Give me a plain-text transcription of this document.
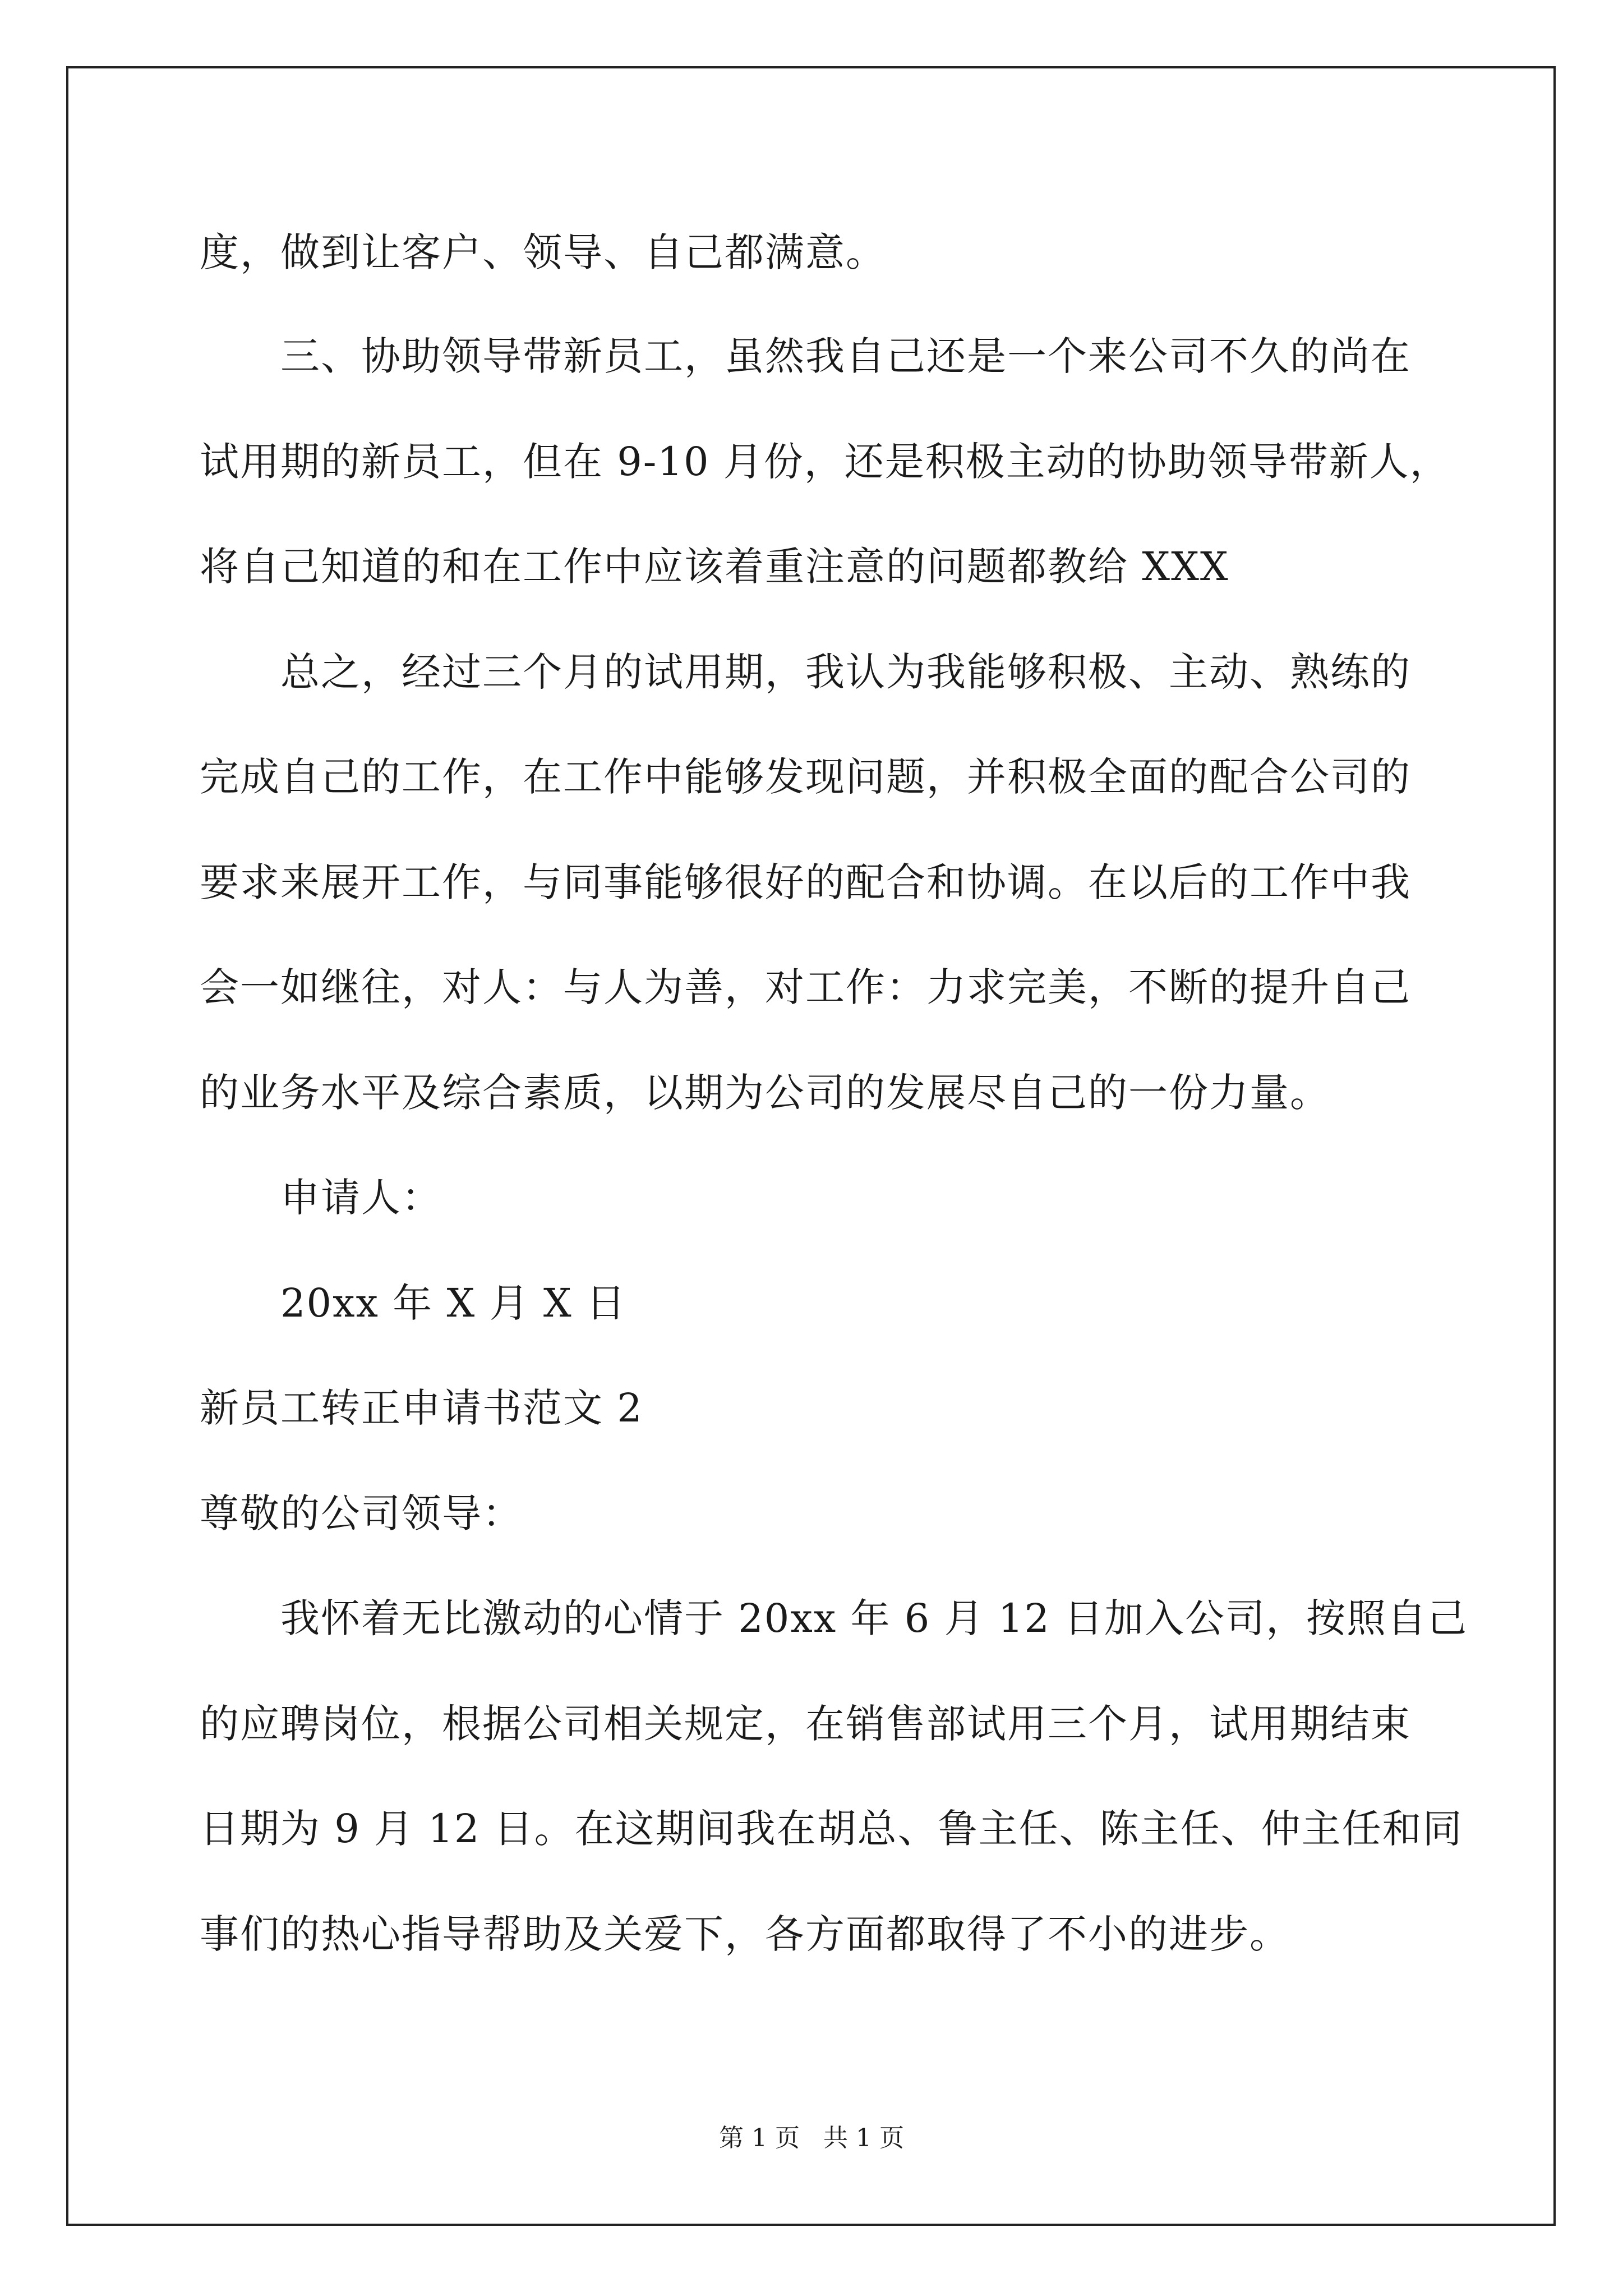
度，做到让客户、领导、自己都满意。
三、协助领导带新员工，虽然我自己还是一个来公司不久的尚在
试用期的新员工，但在 9-10 月份，还是积极主动的协助领导带新人，
将自己知道的和在工作中应该着重注意的问题都教给 XXX
总之，经过三个月的试用期，我认为我能够积极、主动、熟练的
完成自己的工作，在工作中能够发现问题，并积极全面的配合公司的
要求来展开工作，与同事能够很好的配合和协调。在以后的工作中我
会一如继往，对人：与人为善，对工作：力求完美，不断的提升自己
的业务水平及综合素质，以期为公司的发展尽自己的一份力量。
申请人：
20xx 年 X 月 X 日
新员工转正申请书范文 2
尊敬的公司领导：
我怀着无比激动的心情于 20xx 年 6 月 12 日加入公司，按照自己
的应聘岗位，根据公司相关规定，在销售部试用三个月，试用期结束
日期为 9 月 12 日。在这期间我在胡总、鲁主任、陈主任、仲主任和同
事们的热心指导帮助及关爱下，各方面都取得了不小的进步。
第 1 页   共 1 页
